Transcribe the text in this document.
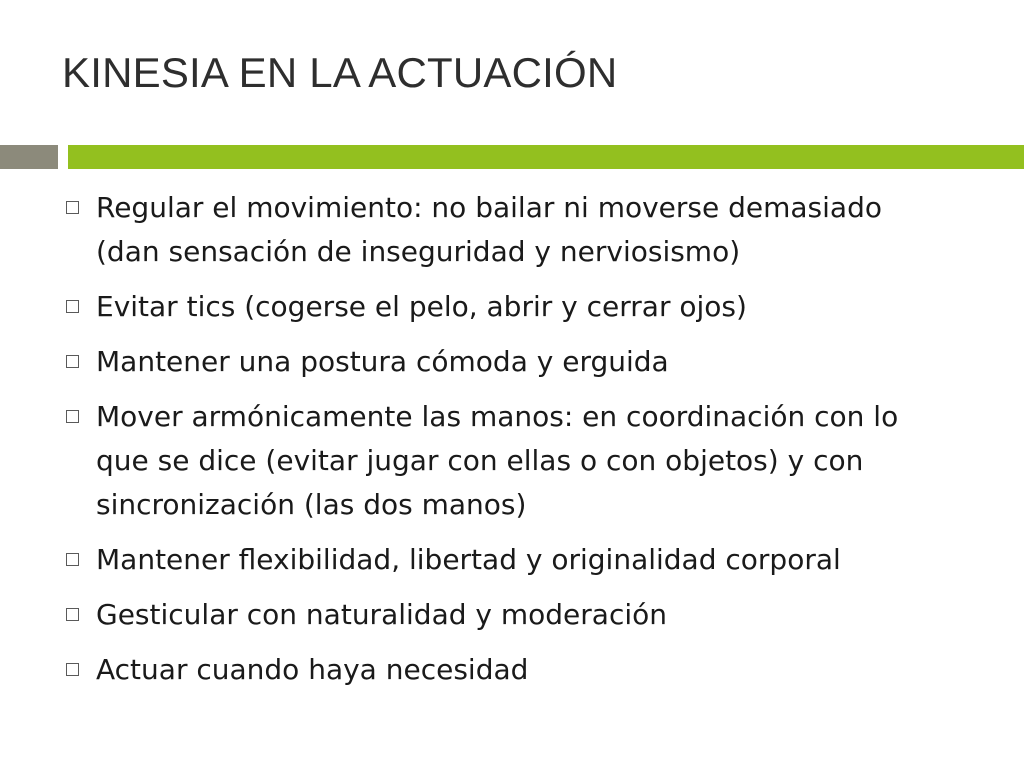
KINESIA EN LA ACTUACIÓN
Regular el movimiento: no bailar ni moverse demasiado
(dan sensación de inseguridad y nerviosismo)
Evitar tics (cogerse el pelo, abrir y cerrar ojos)
Mantener una postura cómoda y erguida
Mover armónicamente las manos: en coordinación con lo
que se dice (evitar jugar con ellas o con objetos) y con
sincronización (las dos manos)
Mantener flexibilidad, libertad y originalidad corporal
Gesticular con naturalidad y moderación
Actuar cuando haya necesidad
